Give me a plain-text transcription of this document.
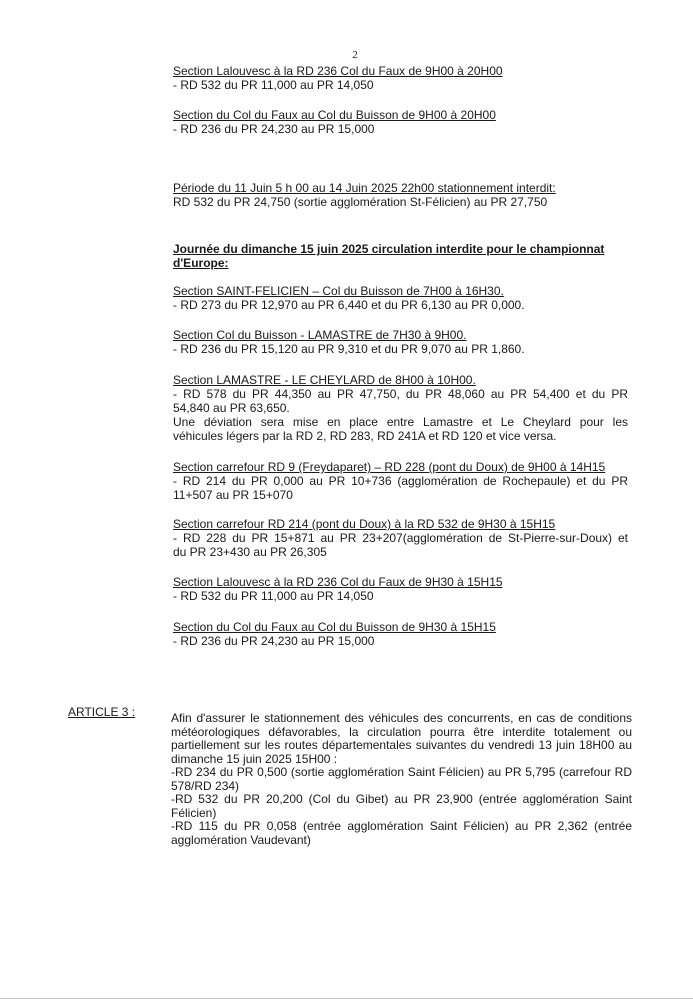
2
Section Lalouvesc à la RD 236 Col du Faux de 9H00 à 20H00
- RD 532 du PR 11,000 au PR 14,050
Section du Col du Faux au Col du Buisson de 9H00 à 20H00
- RD 236 du PR 24,230 au PR 15,000
Période du 11 Juin 5 h 00 au 14 Juin 2025 22h00 stationnement interdit:
RD 532 du PR 24,750 (sortie agglomération St-Félicien) au PR 27,750
Journée du dimanche 15 juin 2025 circulation interdite pour le championnat
d'Europe:
Section SAINT-FELICIEN – Col du Buisson de 7H00 à 16H30.
- RD 273 du PR 12,970 au PR 6,440 et du PR 6,130 au PR 0,000.
Section Col du Buisson - LAMASTRE de 7H30 à 9H00.
- RD 236 du PR 15,120 au PR 9,310 et du PR 9,070 au PR 1,860.
Section LAMASTRE - LE CHEYLARD de 8H00 à 10H00.
- RD 578 du PR 44,350 au PR 47,750, du PR 48,060 au PR 54,400 et du PR
54,840 au PR 63,650.
Une déviation sera mise en place entre Lamastre et Le Cheylard pour les
véhicules légers par la RD 2, RD 283, RD 241A et RD 120 et vice versa.
Section carrefour RD 9 (Freydaparet) – RD 228 (pont du Doux) de 9H00 à 14H15
- RD 214 du PR 0,000 au PR 10+736 (agglomération de Rochepaule) et du PR
11+507 au PR 15+070
Section carrefour RD 214 (pont du Doux) à la RD 532 de 9H30 à 15H15
- RD 228 du PR 15+871 au PR 23+207(agglomération de St-Pierre-sur-Doux) et
du PR 23+430 au PR 26,305
Section Lalouvesc à la RD 236 Col du Faux de 9H30 à 15H15
- RD 532 du PR 11,000 au PR 14,050
Section du Col du Faux au Col du Buisson de 9H30 à 15H15
- RD 236 du PR 24,230 au PR 15,000
ARTICLE 3 :	Afin d'assurer le stationnement des véhicules des concurrents, en cas de conditions météorologiques défavorables, la circulation pourra être interdite totalement ou partiellement sur les routes départementales suivantes du vendredi 13 juin 18H00 au dimanche 15 juin 2025 15H00 :

-RD 234 du PR 0,500 (sortie agglomération Saint Félicien) au PR 5,795 (carrefour RD 578/RD 234)

-RD 532 du PR 20,200 (Col du Gibet) au PR 23,900 (entrée agglomération Saint Félicien)

-RD 115 du PR 0,058 (entrée agglomération Saint Félicien) au PR 2,362 (entrée agglomération Vaudevant)
